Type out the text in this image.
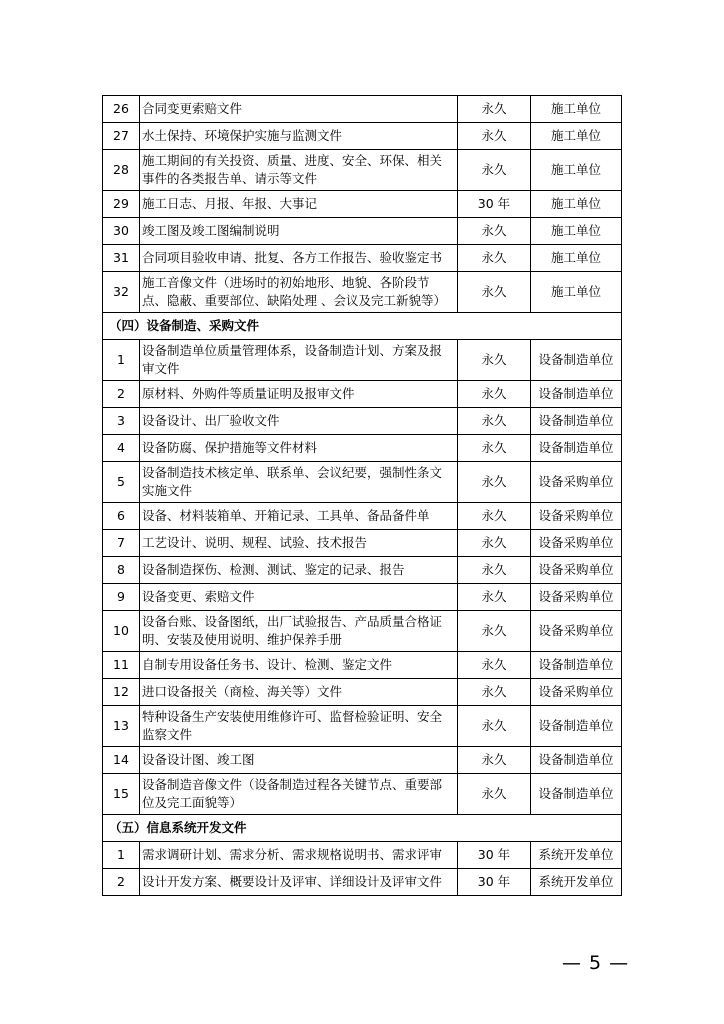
26	合同变更索赔文件	永久	施工单位
27	水土保持、环境保护实施与监测文件	永久	施工单位
28	施工期间的有关投资、质量、进度、安全、环保、相关事件的各类报告单、请示等文件	永久	施工单位
29	施工日志、月报、年报、大事记	30 年	施工单位
30	竣工图及竣工图编制说明	永久	施工单位
31	合同项目验收申请、批复、各方工作报告、验收鉴定书	永久	施工单位
32	施工音像文件（进场时的初始地形、地貌、各阶段节点、隐蔽、重要部位、缺陷处理 、会议及完工新貌等）	永久	施工单位
（四）设备制造、采购文件			
1	设备制造单位质量管理体系，设备制造计划、方案及报审文件	永久	设备制造单位
2	原材料、外购件等质量证明及报审文件	永久	设备制造单位
3	设备设计、出厂验收文件	永久	设备制造单位
4	设备防腐、保护措施等文件材料	永久	设备制造单位
5	设备制造技术核定单、联系单、会议纪要，强制性条文实施文件	永久	设备采购单位
6	设备、材料装箱单、开箱记录、工具单、备品备件单	永久	设备采购单位
7	工艺设计、说明、规程、试验、技术报告	永久	设备采购单位
8	设备制造探伤、检测、测试、鉴定的记录、报告	永久	设备采购单位
9	设备变更、索赔文件	永久	设备采购单位
10	设备台账、设备图纸，出厂试验报告、产品质量合格证明、安装及使用说明、维护保养手册	永久	设备采购单位
11	自制专用设备任务书、设计、检测、鉴定文件	永久	设备制造单位
12	进口设备报关（商检、海关等）文件	永久	设备采购单位
13	特种设备生产安装使用维修许可、监督检验证明、安全监察文件	永久	设备制造单位
14	设备设计图、竣工图	永久	设备制造单位
15	设备制造音像文件（设备制造过程各关键节点、重要部位及完工面貌等）	永久	设备制造单位
（五）信息系统开发文件			
1	需求调研计划、需求分析、需求规格说明书、需求评审	30 年	系统开发单位
2	设计开发方案、概要设计及评审、详细设计及评审文件	30 年	系统开发单位
— 5 —
